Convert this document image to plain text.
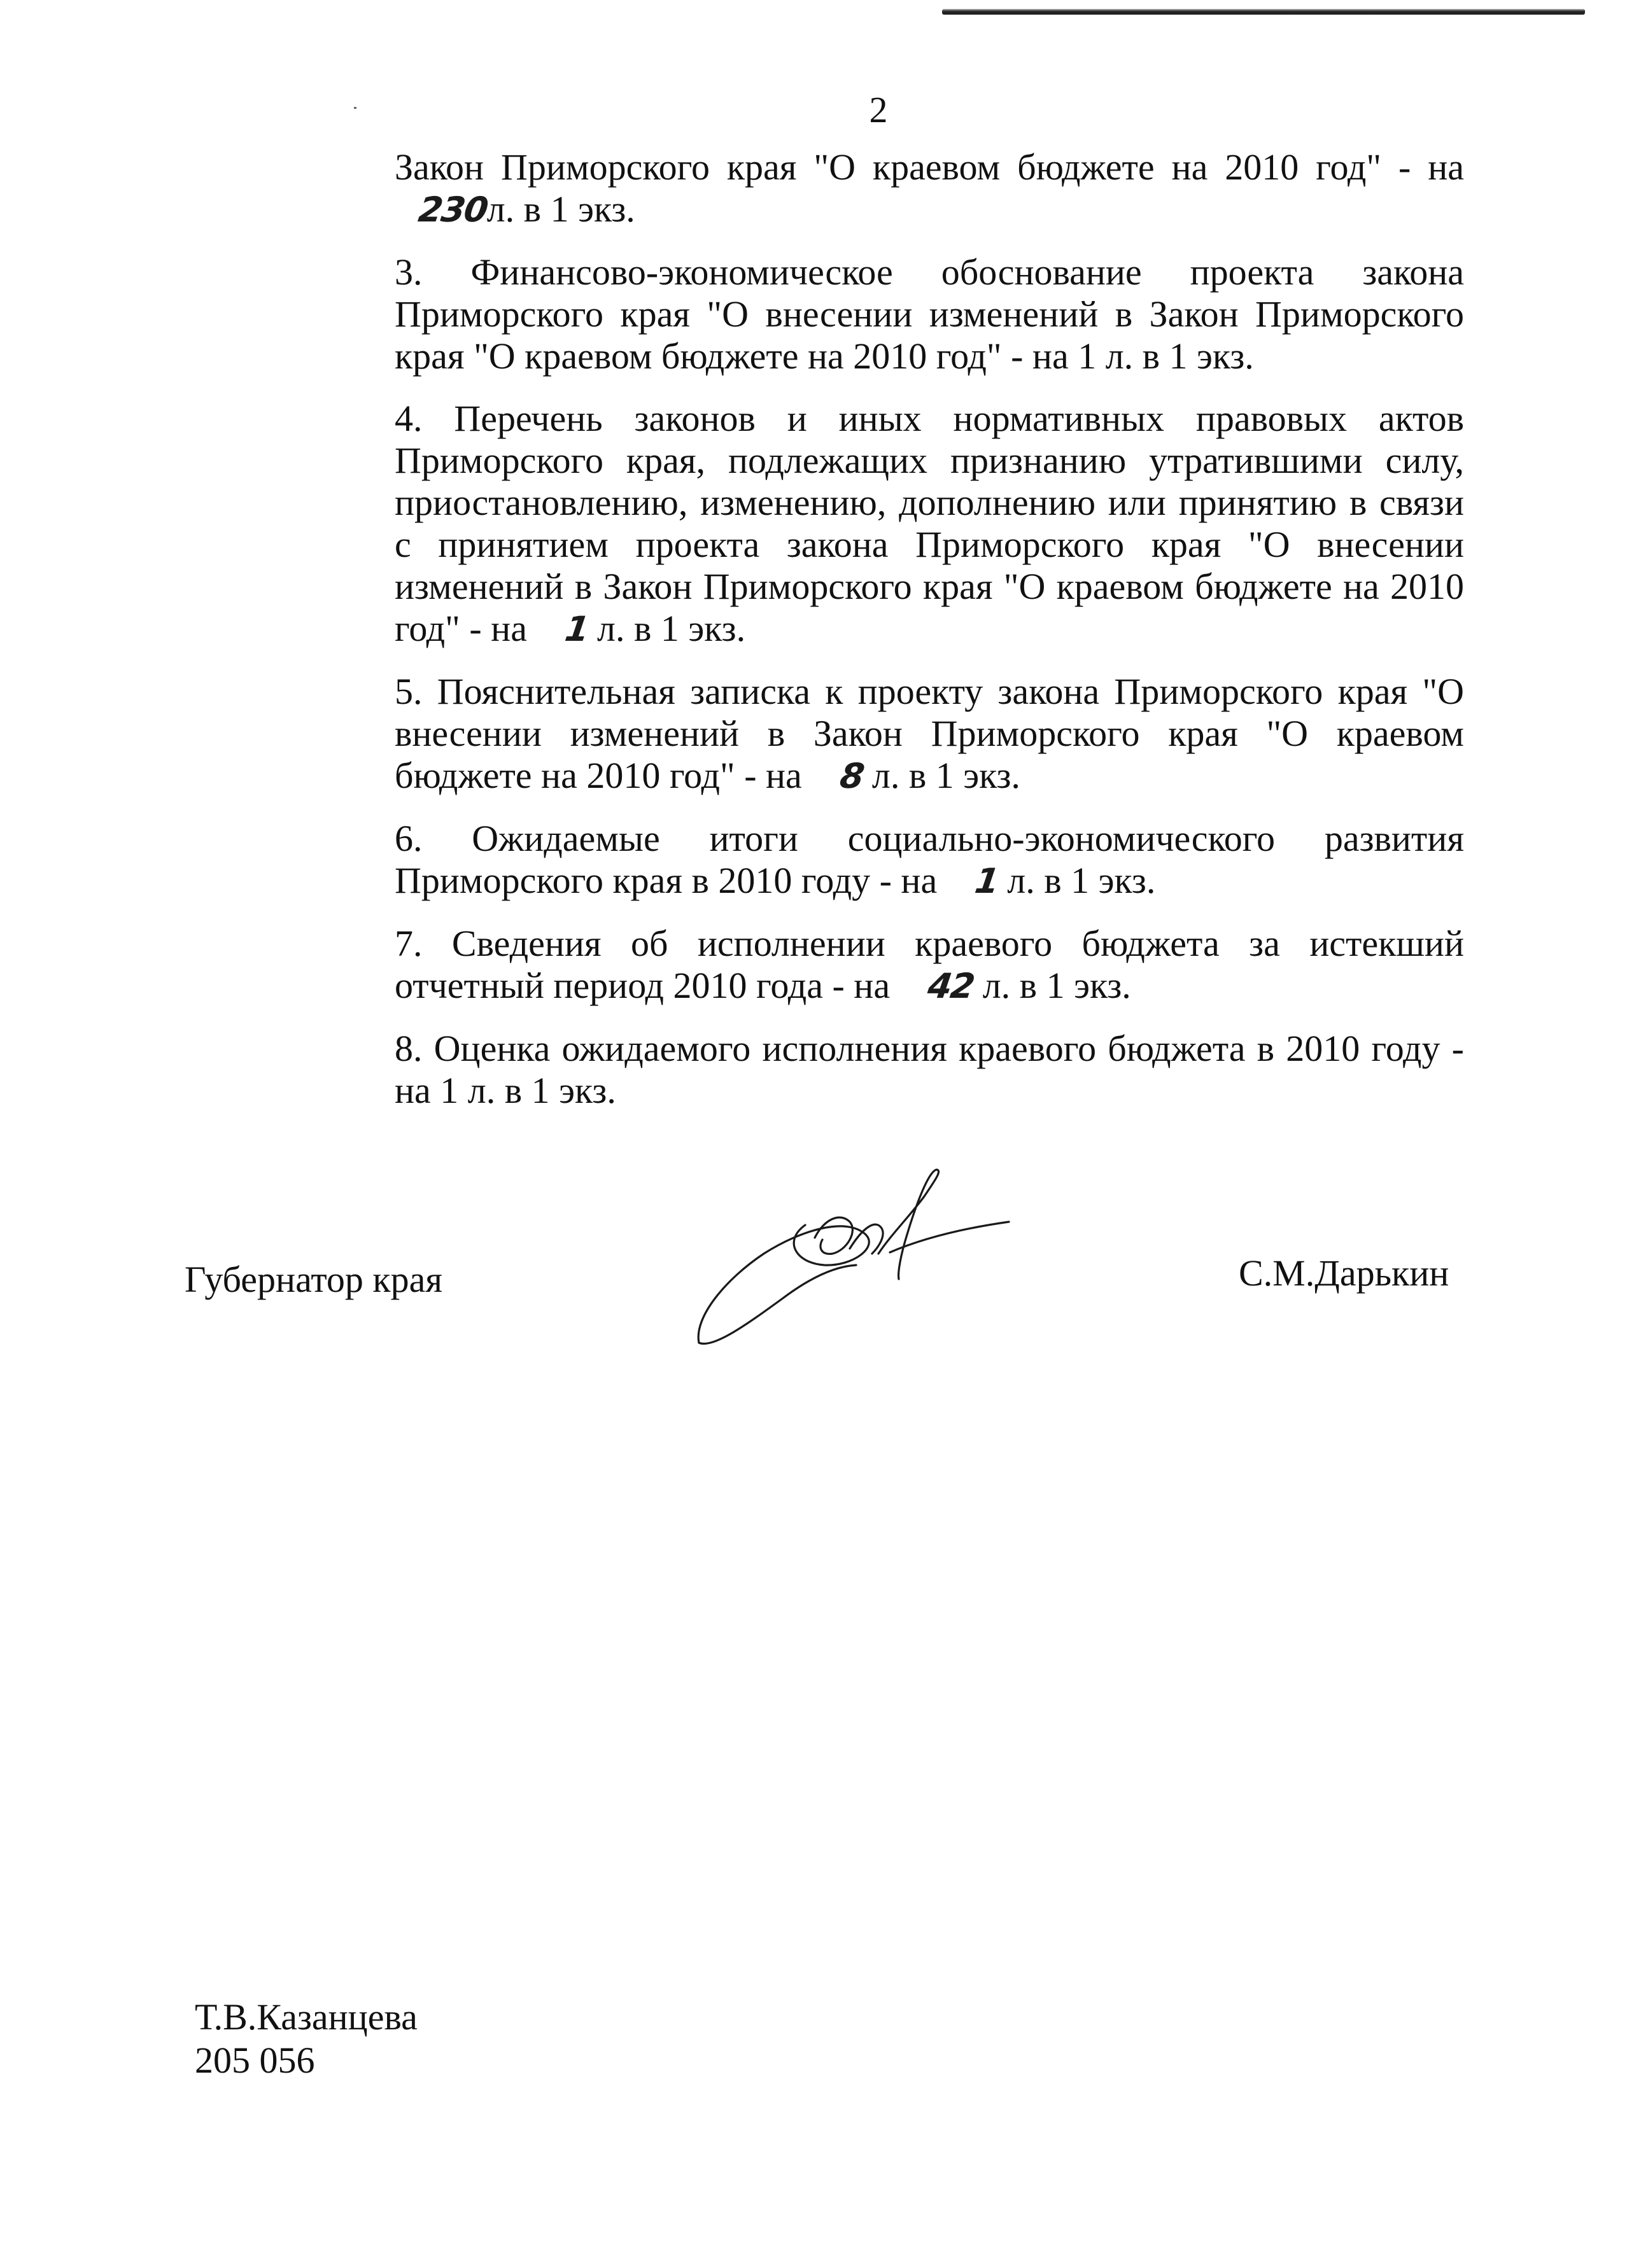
2

Закон Приморского края "О краевом бюджете на 2010 год" - на 230л. в 1 экз.

3. Финансово-экономическое обоснование проекта закона Приморского края "О внесении изменений в Закон Приморского края "О краевом бюджете на 2010 год" - на 1 л. в 1 экз.

4. Перечень законов и иных нормативных правовых актов Приморского края, подлежащих признанию утратившими силу, приостановлению, изменению, дополнению или принятию в связи с принятием проекта закона Приморского края "О внесении изменений в Закон Приморского края "О краевом бюджете на 2010 год" - на 1 л. в 1 экз.

5. Пояснительная записка к проекту закона Приморского края "О внесении изменений в Закон Приморского края "О краевом бюджете на 2010 год" - на 8 л. в 1 экз.

6. Ожидаемые итоги социально-экономического развития Приморского края в 2010 году - на 1 л. в 1 экз.

7. Сведения об исполнении краевого бюджета за истекший отчетный период 2010 года - на 42 л. в 1 экз.

8. Оценка ожидаемого исполнения краевого бюджета в 2010 году - на 1 л. в 1 экз.

Губернатор края	С.М.Дарькин
Т.В.Казанцева
205 056
